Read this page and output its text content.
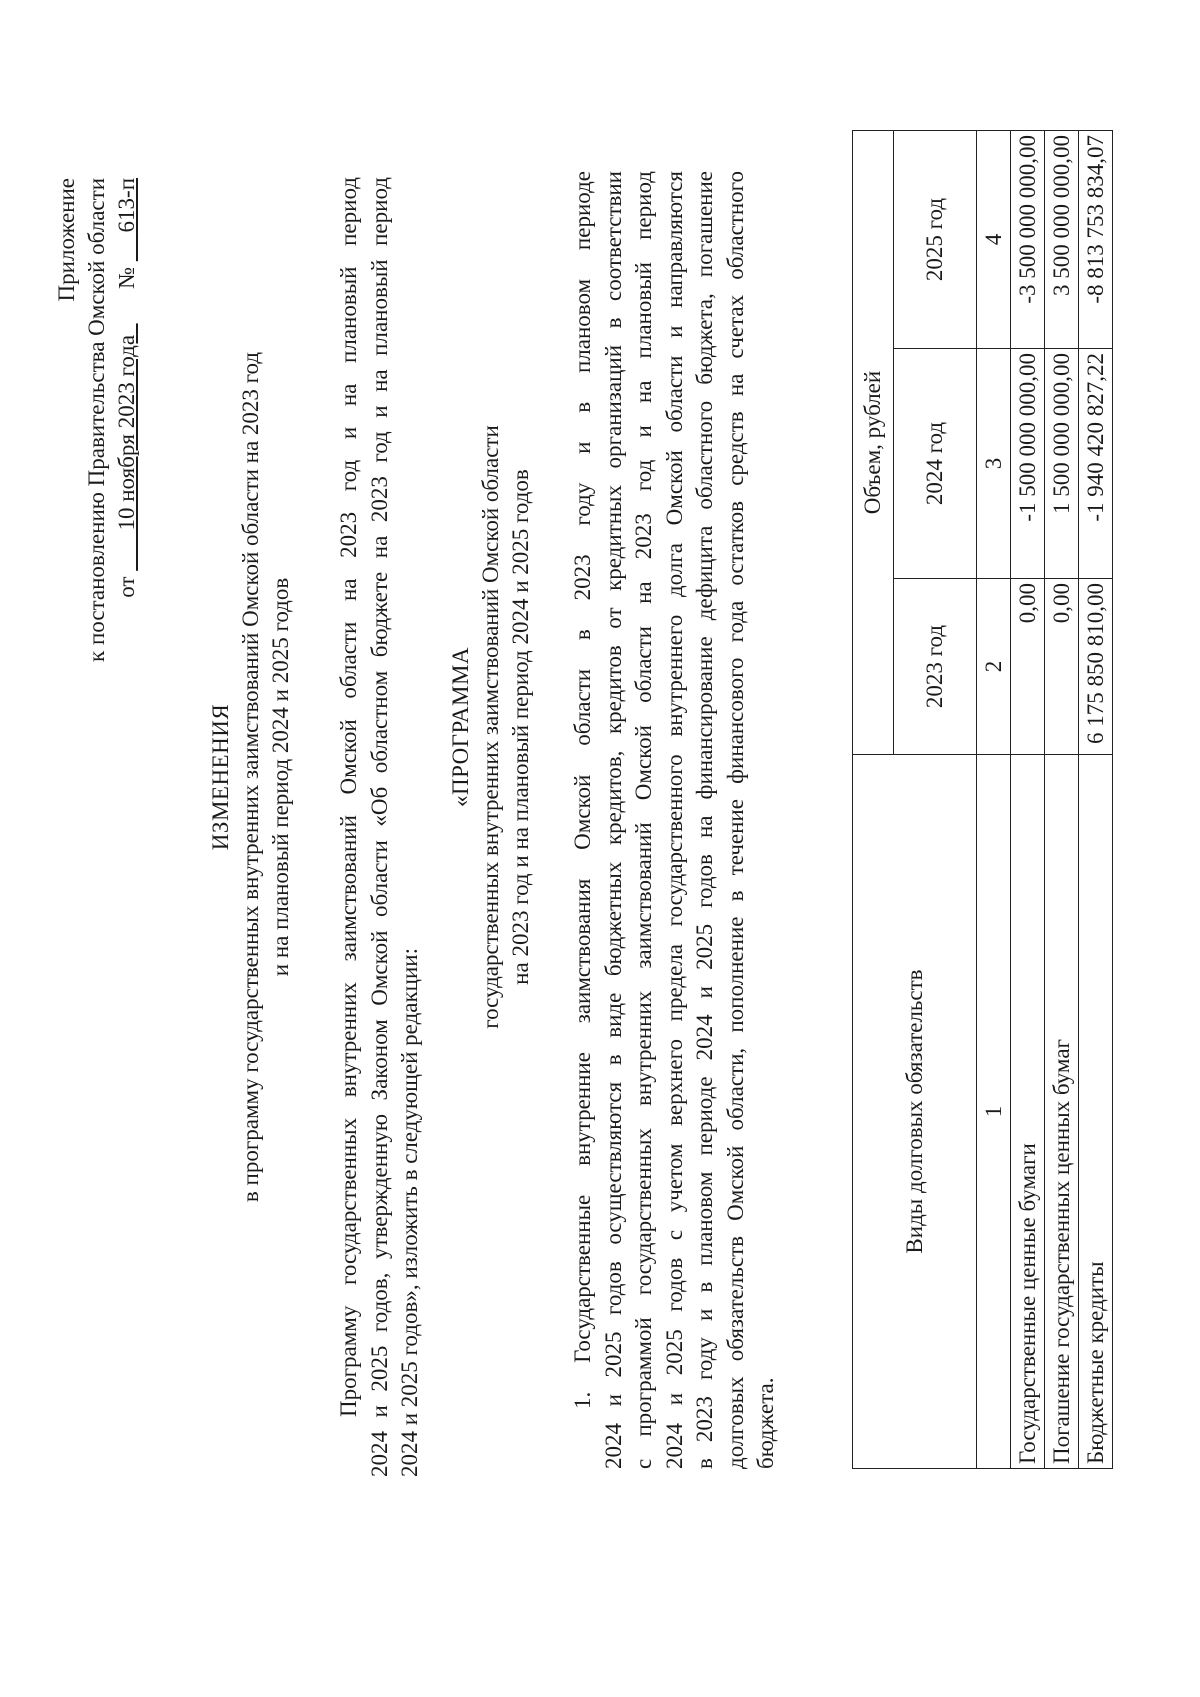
Приложение к постановлению Правительства Омской области от        10 ноября 2023 года        №      613-п
ИЗМЕНЕНИЯ в программу государственных внутренних заимствований Омской области на 2023 год и на плановый период 2024 и 2025 годов Программу государственных внутренних заимствований Омской области на 2023 год и на плановый период 2024 и 2025 годов, утвержденную Законом Омской области «Об областном бюджете на 2023 год и на плановый период 2024 и 2025 годов», изложить в следующей редакции:
«ПРОГРАММА государственных внутренних заимствований Омской области на 2023 год и на плановый период 2024 и 2025 годов 1. Государственные внутренние заимствования Омской области в 2023 году и в плановом периоде 2024 и 2025 годов осуществляются в виде бюджетных кредитов, кредитов от кредитных организаций в соответствии с программой государственных внутренних заимствований Омской области на 2023 год и на плановый период 2024 и 2025 годов с учетом верхнего предела государственного внутреннего долга Омской области и направляются в 2023 году и в плановом периоде 2024 и 2025 годов на финансирование дефицита областного бюджета, погашение долговых обязательств Омской области, пополнение в течение финансового года остатков средств на счетах областного бюджета.
Виды долговых обязательств	Объем, рублей		
	2023 год	2024 год	2025 год
1	2	3	4
Государственные ценные бумаги	0,00	-1 500 000 000,00	-3 500 000 000,00
Погашение государственных ценных бумаг	0,00	1 500 000 000,00	3 500 000 000,00
Бюджетные кредиты	6 175 850 810,00	-1 940 420 827,22	-8 813 753 834,07
